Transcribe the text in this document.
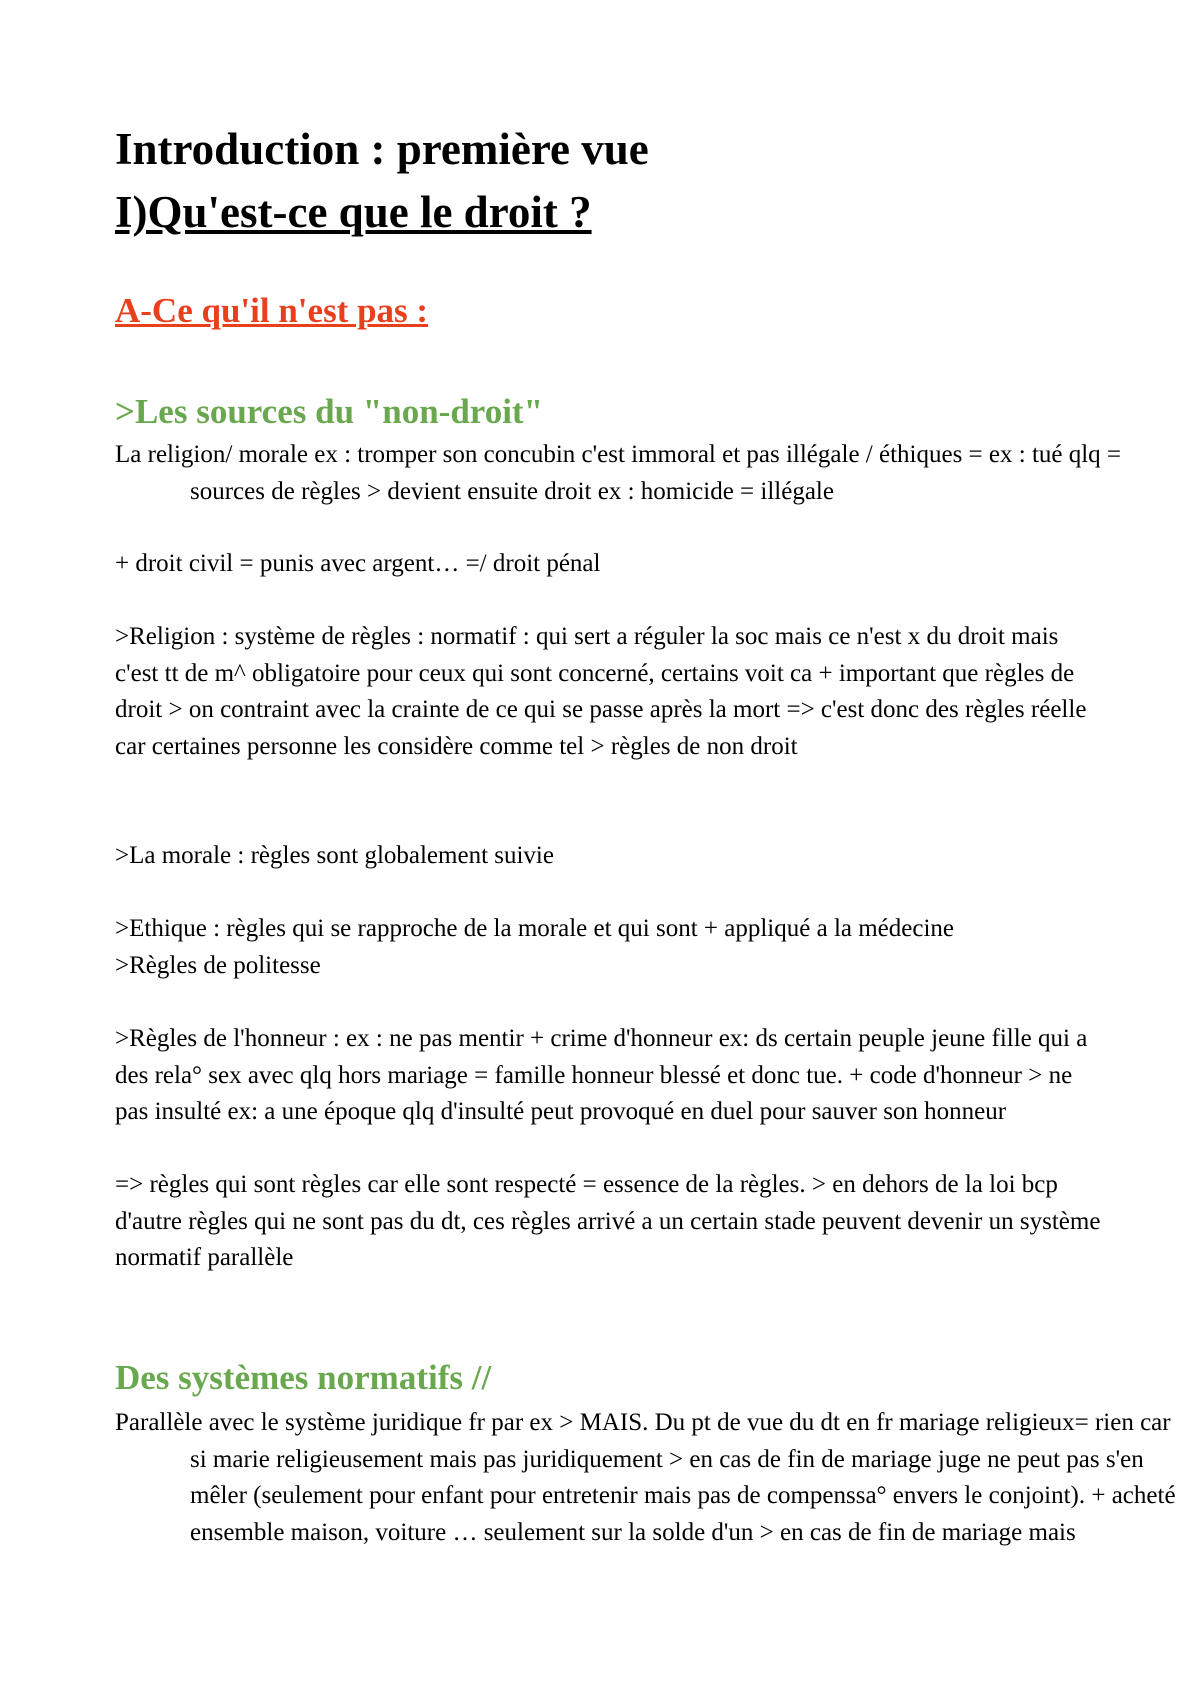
Introduction : première vue
I)Qu'est-ce que le droit ?
A-Ce qu'il n'est pas :
>Les sources du "non-droit"

La religion/ morale ex : tromper son concubin c'est immoral et pas illégale / éthiques = ex : tué qlq = sources de règles > devient ensuite droit ex : homicide = illégale

+ droit civil = punis avec argent… =/ droit pénal

>Religion : système de règles : normatif : qui sert a réguler la soc mais ce n'est x du droit mais c'est tt de m^ obligatoire pour ceux qui sont concerné, certains voit ca + important que règles de droit > on contraint avec la crainte de ce qui se passe après la mort => c'est donc des règles réelle car certaines personne les considère comme tel > règles de non droit

>La morale : règles sont globalement suivie

>Ethique : règles qui se rapproche de la morale et qui sont + appliqué a la médecine

>Règles de politesse

>Règles de l'honneur : ex : ne pas mentir + crime d'honneur ex: ds certain peuple jeune fille qui a des rela° sex avec qlq hors mariage = famille honneur blessé et donc tue. + code d'honneur > ne pas insulté ex: a une époque qlq d'insulté peut provoqué en duel pour sauver son honneur

=> règles qui sont règles car elle sont respecté = essence de la règles. > en dehors de la loi bcp d'autre règles qui ne sont pas du dt, ces règles arrivé a un certain stade peuvent devenir un système normatif parallèle

Des systèmes normatifs //

Parallèle avec le système juridique fr par ex > MAIS. Du pt de vue du dt en fr mariage religieux= rien car si marie religieusement mais pas juridiquement > en cas de fin de mariage juge ne peut pas s'en mêler (seulement pour enfant pour entretenir mais pas de compenssa° envers le conjoint). + acheté ensemble maison, voiture … seulement sur la solde d'un > en cas de fin de mariage mais
